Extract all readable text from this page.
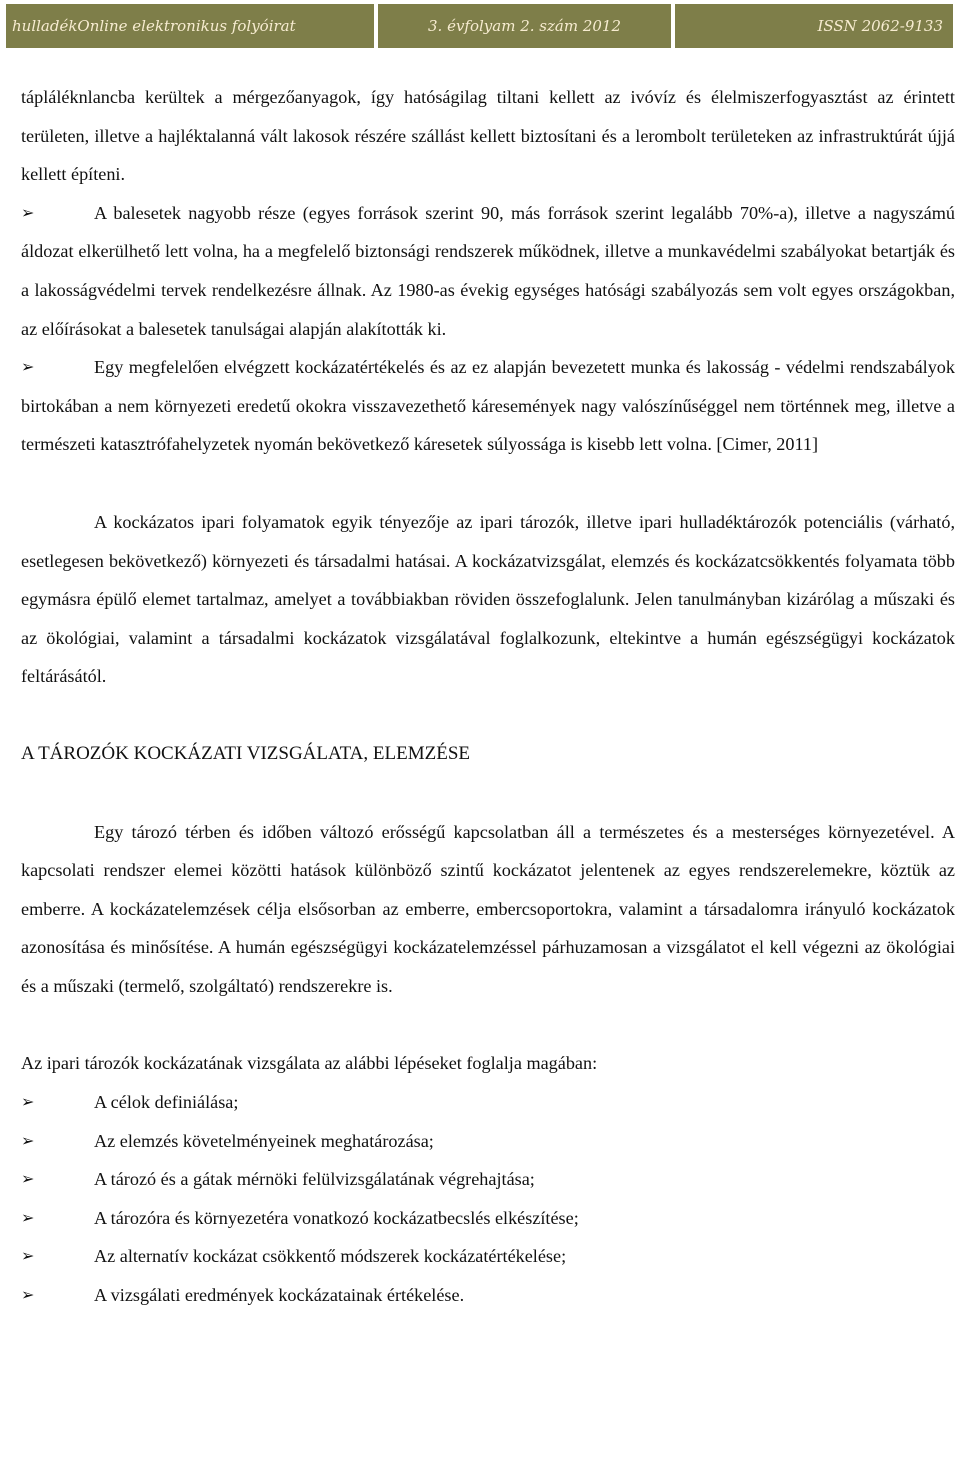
hulladékOnline elektronikus folyóirat	3. évfolyam 2. szám 2012	ISSN 2062-9133

tápláléknlancba kerültek a mérgezőanyagok, így hatóságilag tiltani kellett az ivóvíz és élelmiszerfogyasztást az érintett területen, illetve a hajléktalanná vált lakosok részére szállást kellett biztosítani és a lerombolt területeken az infrastruktúrát újjá kellett építeni.

➢	A balesetek nagyobb része (egyes források szerint 90, más források szerint legalább 70%-a), illetve a nagyszámú áldozat elkerülhető lett volna, ha a megfelelő biztonsági rendszerek működnek, illetve a munkavédelmi szabályokat betartják és a lakosságvédelmi tervek rendelkezésre állnak. Az 1980-as évekig egységes hatósági szabályozás sem volt egyes országokban, az előírásokat a balesetek tanulságai alapján alakították ki.

➢	Egy megfelelően elvégzett kockázatértékelés és az ez alapján bevezetett munka és lakosság - védelmi rendszabályok birtokában a nem környezeti eredetű okokra visszavezethető káresemények nagy valószínűséggel nem történnek meg, illetve a természeti katasztrófahelyzetek nyomán bekövetkező káresetek súlyossága is kisebb lett volna. [Cimer, 2011]

A kockázatos ipari folyamatok egyik tényezője az ipari tározók, illetve ipari hulladéktározók potenciális (várható, esetlegesen bekövetkező) környezeti és társadalmi hatásai. A kockázatvizsgálat, elemzés és kockázatcsökkentés folyamata több egymásra épülő elemet tartalmaz, amelyet a továbbiakban röviden összefoglalunk. Jelen tanulmányban kizárólag a műszaki és az ökológiai, valamint a társadalmi kockázatok vizsgálatával foglalkozunk, eltekintve a humán egészségügyi kockázatok feltárásától.

A TÁROZÓK KOCKÁZATI VIZSGÁLATA, ELEMZÉSE

Egy tározó térben és időben változó erősségű kapcsolatban áll a természetes és a mesterséges környezetével. A kapcsolati rendszer elemei közötti hatások különböző szintű kockázatot jelentenek az egyes rendszerelemekre, köztük az emberre. A kockázatelemzések célja elsősorban az emberre, embercsoportokra, valamint a társadalomra irányuló kockázatok azonosítása és minősítése. A humán egészségügyi kockázatelemzéssel párhuzamosan a vizsgálatot el kell végezni az ökológiai és a műszaki (termelő, szolgáltató) rendszerekre is.

Az ipari tározók kockázatának vizsgálata az alábbi lépéseket foglalja magában:

➢	A célok definiálása;
➢	Az elemzés követelményeinek meghatározása;
➢	A tározó és a gátak mérnöki felülvizsgálatának végrehajtása;
➢	A tározóra és környezetéra vonatkozó kockázatbecslés elkészítése;
➢	Az alternatív kockázat csökkentő módszerek kockázatértékelése;
➢	A vizsgálati eredmények kockázatainak értékelése.
